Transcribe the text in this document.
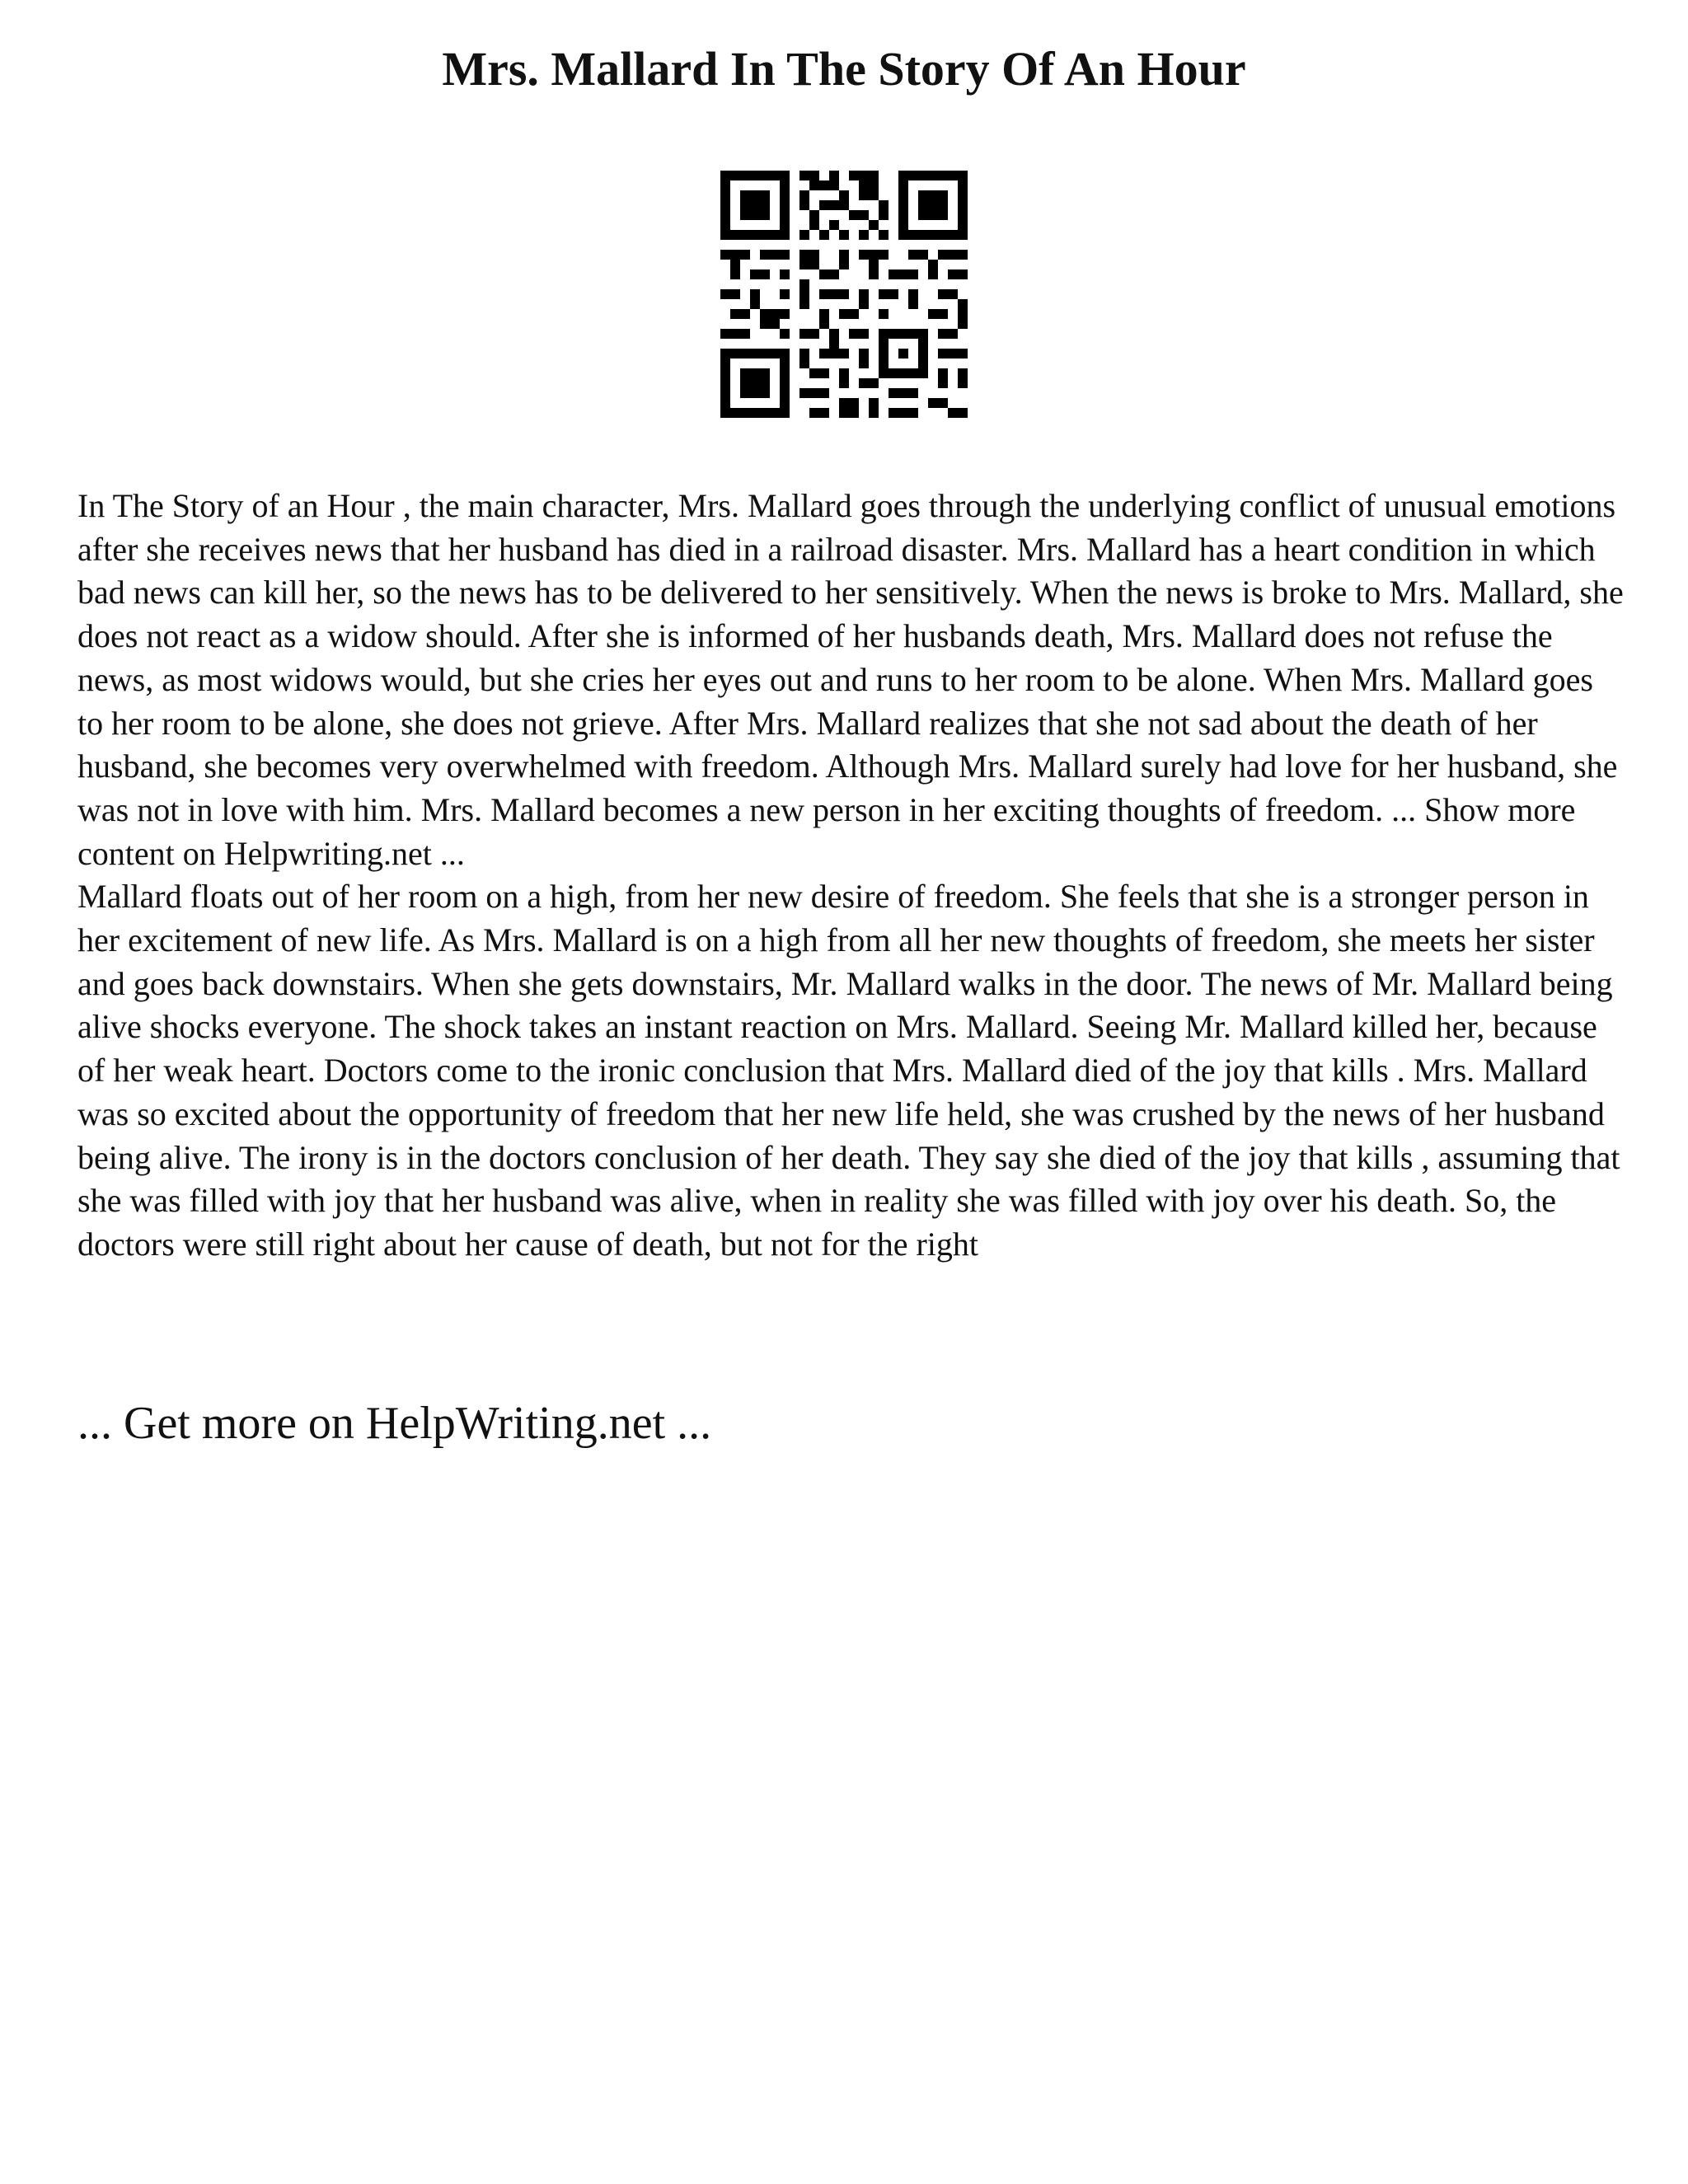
Mrs. Mallard In The Story Of An Hour

In The Story of an Hour , the main character, Mrs. Mallard goes through the underlying conflict of unusual emotions after she receives news that her husband has died in a railroad disaster. Mrs. Mallard has a heart condition in which bad news can kill her, so the news has to be delivered to her sensitively. When the news is broke to Mrs. Mallard, she does not react as a widow should. After she is informed of her husbands death, Mrs. Mallard does not refuse the news, as most widows would, but she cries her eyes out and runs to her room to be alone. When Mrs. Mallard goes to her room to be alone, she does not grieve. After Mrs. Mallard realizes that she not sad about the death of her husband, she becomes very overwhelmed with freedom. Although Mrs. Mallard surely had love for her husband, she was not in love with him. Mrs. Mallard becomes a new person in her exciting thoughts of freedom. ... Show more content on Helpwriting.net ...

Mallard floats out of her room on a high, from her new desire of freedom. She feels that she is a stronger person in her excitement of new life. As Mrs. Mallard is on a high from all her new thoughts of freedom, she meets her sister and goes back downstairs. When she gets downstairs, Mr. Mallard walks in the door. The news of Mr. Mallard being alive shocks everyone. The shock takes an instant reaction on Mrs. Mallard. Seeing Mr. Mallard killed her, because of her weak heart. Doctors come to the ironic conclusion that Mrs. Mallard died of the joy that kills . Mrs. Mallard was so excited about the opportunity of freedom that her new life held, she was crushed by the news of her husband being alive. The irony is in the doctors conclusion of her death. They say she died of the joy that kills , assuming that she was filled with joy that her husband was alive, when in reality she was filled with joy over his death. So, the doctors were still right about her cause of death, but not for the right

... Get more on HelpWriting.net ...
